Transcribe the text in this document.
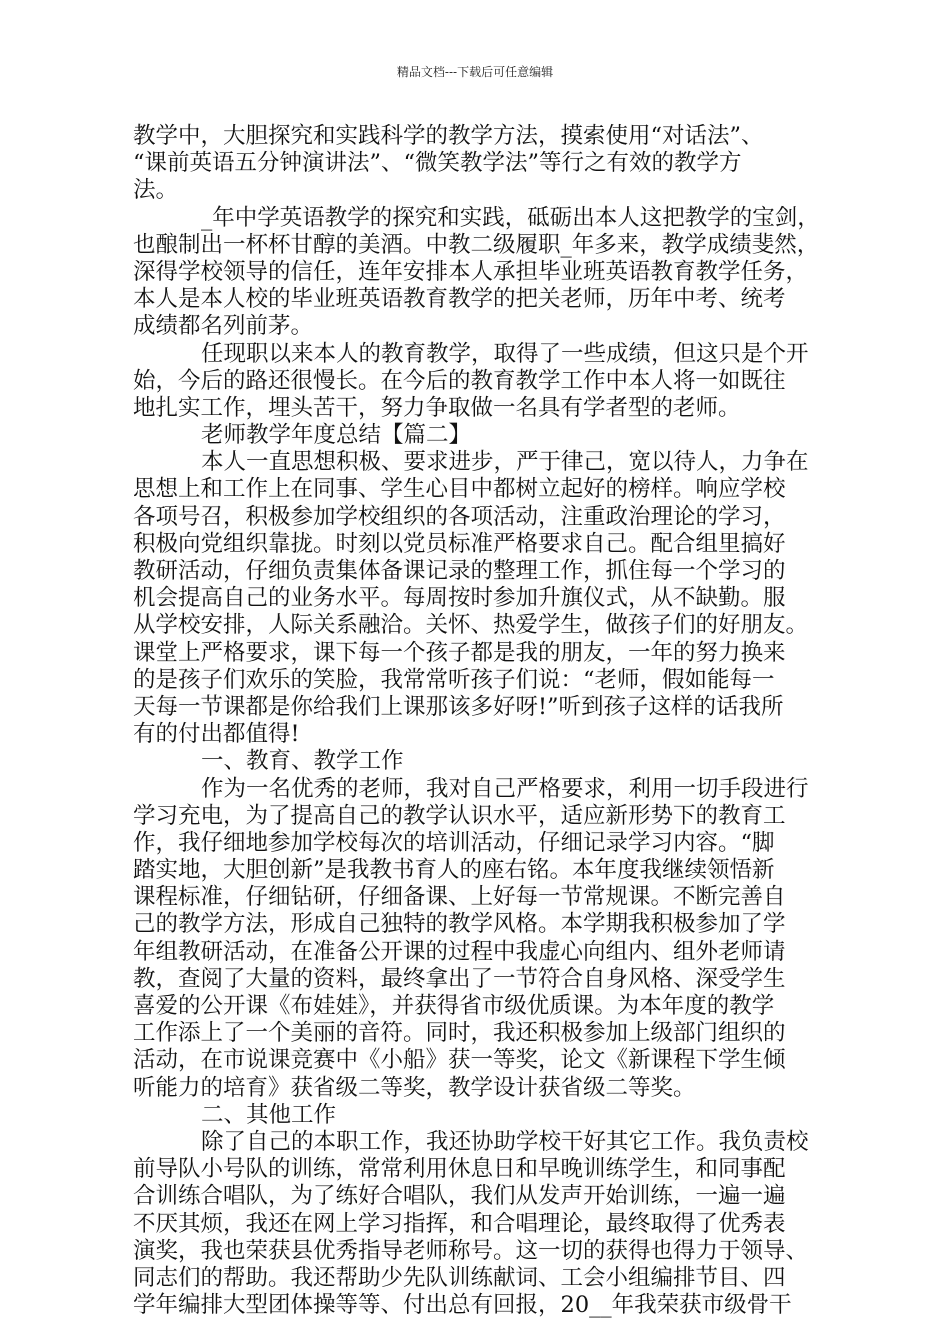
精品文档---下载后可任意编辑
教学中，大胆探究和实践科学的教学方法，摸索使用“对话法”、
“课前英语五分钟演讲法”、“微笑教学法”等行之有效的教学方
法。
_年中学英语教学的探究和实践，砥砺出本人这把教学的宝剑，
也酿制出一杯杯甘醇的美酒。中教二级履职_年多来，教学成绩斐然，
深得学校领导的信任，连年安排本人承担毕业班英语教育教学任务，
本人是本人校的毕业班英语教育教学的把关老师，历年中考、统考
成绩都名列前茅。
任现职以来本人的教育教学，取得了一些成绩，但这只是个开
始，今后的路还很慢长。在今后的教育教学工作中本人将一如既往
地扎实工作，埋头苦干，努力争取做一名具有学者型的老师。
老师教学年度总结【篇二】
本人一直思想积极、要求进步，严于律己，宽以待人，力争在
思想上和工作上在同事、学生心目中都树立起好的榜样。响应学校
各项号召，积极参加学校组织的各项活动，注重政治理论的学习，
积极向党组织靠拢。时刻以党员标准严格要求自己。配合组里搞好
教研活动，仔细负责集体备课记录的整理工作，抓住每一个学习的
机会提高自己的业务水平。每周按时参加升旗仪式，从不缺勤。服
从学校安排，人际关系融洽。关怀、热爱学生，做孩子们的好朋友。
课堂上严格要求，课下每一个孩子都是我的朋友，一年的努力换来
的是孩子们欢乐的笑脸，我常常听孩子们说：“老师，假如能每一
天每一节课都是你给我们上课那该多好呀!”听到孩子这样的话我所
有的付出都值得!
一、教育、教学工作
作为一名优秀的老师，我对自己严格要求，利用一切手段进行
学习充电，为了提高自己的教学认识水平，适应新形势下的教育工
作，我仔细地参加学校每次的培训活动，仔细记录学习内容。“脚
踏实地，大胆创新”是我教书育人的座右铭。本年度我继续领悟新
课程标准，仔细钻研，仔细备课、上好每一节常规课。不断完善自
己的教学方法，形成自己独特的教学风格。本学期我积极参加了学
年组教研活动，在准备公开课的过程中我虚心向组内、组外老师请
教，查阅了大量的资料，最终拿出了一节符合自身风格、深受学生
喜爱的公开课《布娃娃》，并获得省市级优质课。为本年度的教学
工作添上了一个美丽的音符。同时，我还积极参加上级部门组织的
活动，在市说课竞赛中《小船》获一等奖，论文《新课程下学生倾
听能力的培育》获省级二等奖，教学设计获省级二等奖。
二、其他工作
除了自己的本职工作，我还协助学校干好其它工作。我负责校
前导队小号队的训练，常常利用休息日和早晚训练学生，和同事配
合训练合唱队，为了练好合唱队，我们从发声开始训练，一遍一遍
不厌其烦，我还在网上学习指挥，和合唱理论，最终取得了优秀表
演奖，我也荣获县优秀指导老师称号。这一切的获得也得力于领导、
同志们的帮助。我还帮助少先队训练献词、工会小组编排节目、四
学年编排大型团体操等等、付出总有回报，20__年我荣获市级骨干
